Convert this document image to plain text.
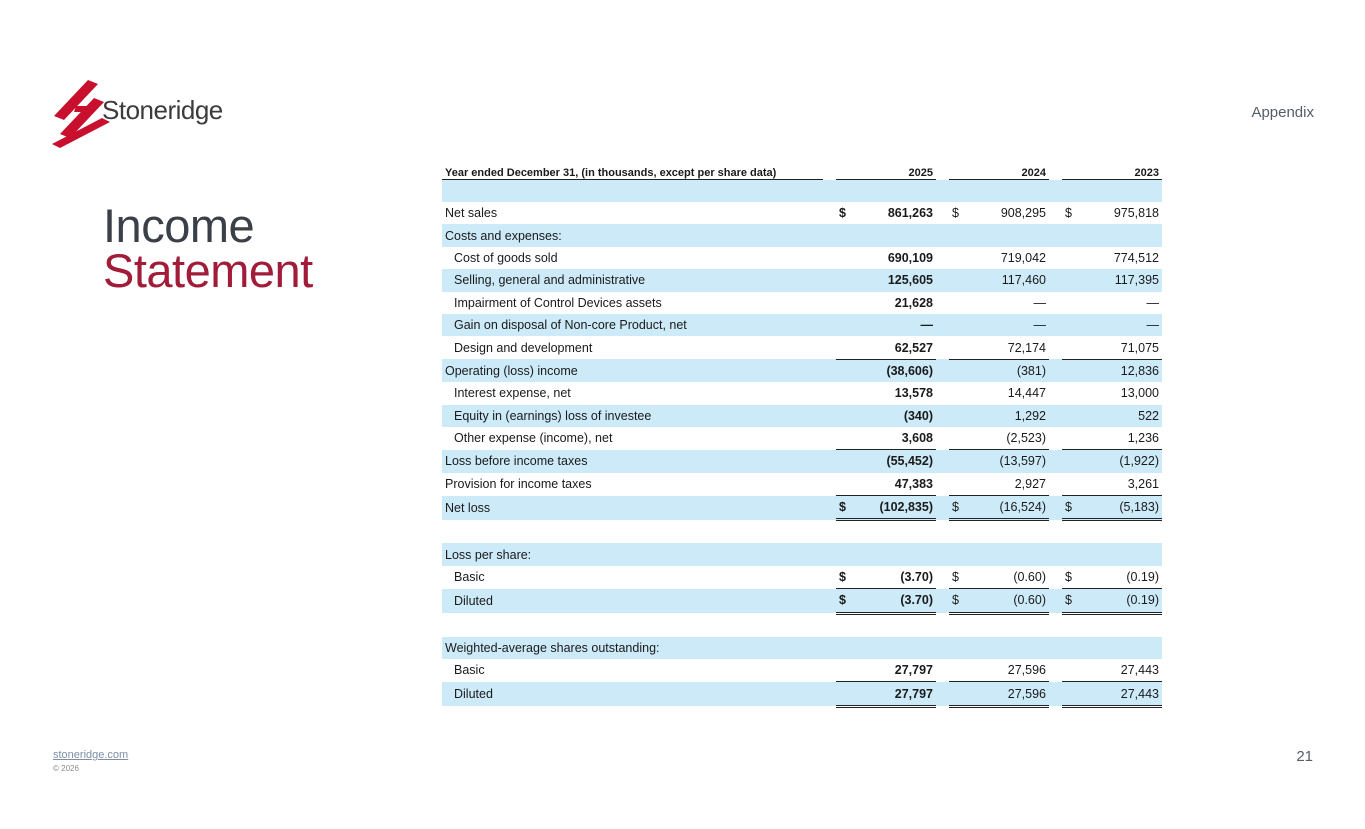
Stoneridge	Appendix
Income
Statement
Year ended December 31, (in thousands, except per share data)		2025			2024			2023	

Net sales		$	861,263		$	908,295		$	975,818
Costs and expenses:									
Cost of goods sold			690,109			719,042			774,512
Selling, general and administrative			125,605			117,460			117,395
Impairment of Control Devices assets			21,628			—			—
Gain on disposal of Non-core Product, net			—			—			—
Design and development			62,527			72,174			71,075
Operating (loss) income			(38,606)			(381)			12,836
Interest expense, net			13,578			14,447			13,000
Equity in (earnings) loss of investee			(340)			1,292			522
Other expense (income), net			3,608			(2,523)			1,236
Loss before income taxes			(55,452)			(13,597)			(1,922)
Provision for income taxes			47,383			2,927			3,261
Net loss		$	(102,835)		$	(16,524)		$	(5,183)

Loss per share:									
Basic		$	(3.70)		$	(0.60)		$	(0.19)
Diluted		$	(3.70)		$	(0.60)		$	(0.19)

Weighted-average shares outstanding:									
Basic			27,797			27,596			27,443
Diluted			27,797			27,596			27,443
stoneridge.com
© 2026
21
